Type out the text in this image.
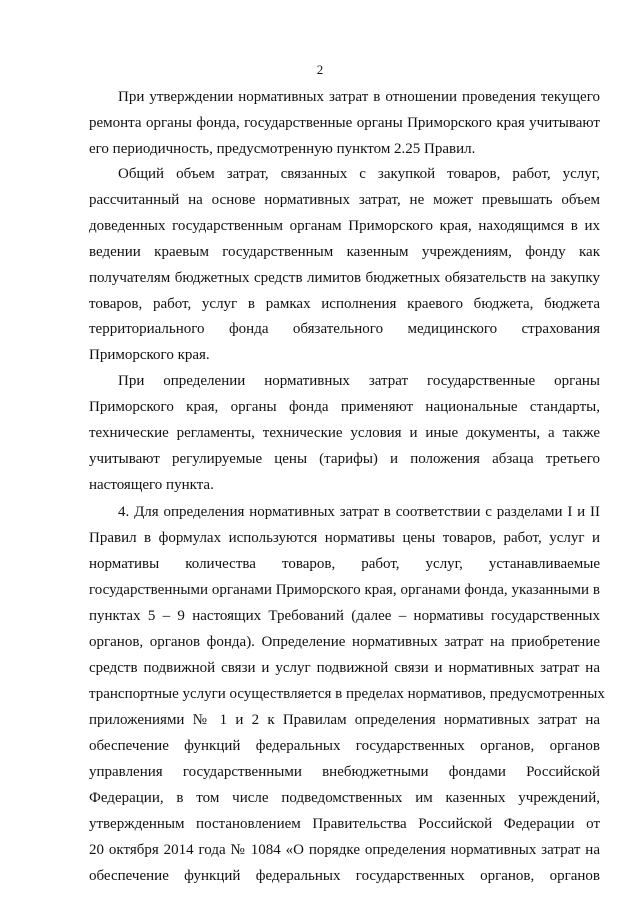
2
При утверждении нормативных затрат в отношении проведения текущего
ремонта органы фонда, государственные органы Приморского края учитывают
его периодичность, предусмотренную пунктом 2.25 Правил.
Общий объем затрат, связанных с закупкой товаров, работ, услуг,
рассчитанный на основе нормативных затрат, не может превышать объем
доведенных государственным органам Приморского края, находящимся в их
ведении краевым государственным казенным учреждениям, фонду как
получателям бюджетных средств лимитов бюджетных обязательств на закупку
товаров, работ, услуг в рамках исполнения краевого бюджета, бюджета
территориального фонда обязательного медицинского страхования
Приморского края.
При определении нормативных затрат государственные органы
Приморского края, органы фонда применяют национальные стандарты,
технические регламенты, технические условия и иные документы, а также
учитывают регулируемые цены (тарифы) и положения абзаца третьего
настоящего пункта.
4. Для определения нормативных затрат в соответствии с разделами I и II
Правил в формулах используются нормативы цены товаров, работ, услуг и
нормативы количества товаров, работ, услуг, устанавливаемые
государственными органами Приморского края, органами фонда, указанными в
пунктах 5 – 9 настоящих Требований (далее – нормативы государственных
органов, органов фонда). Определение нормативных затрат на приобретение
средств подвижной связи и услуг подвижной связи и нормативных затрат на
транспортные услуги осуществляется в пределах нормативов, предусмотренных
приложениями № 1 и 2 к Правилам определения нормативных затрат на
обеспечение функций федеральных государственных органов, органов
управления государственными внебюджетными фондами Российской
Федерации, в том числе подведомственных им казенных учреждений,
утвержденным постановлением Правительства Российской Федерации от
20 октября 2014 года № 1084 «О порядке определения нормативных затрат на
обеспечение функций федеральных государственных органов, органов
